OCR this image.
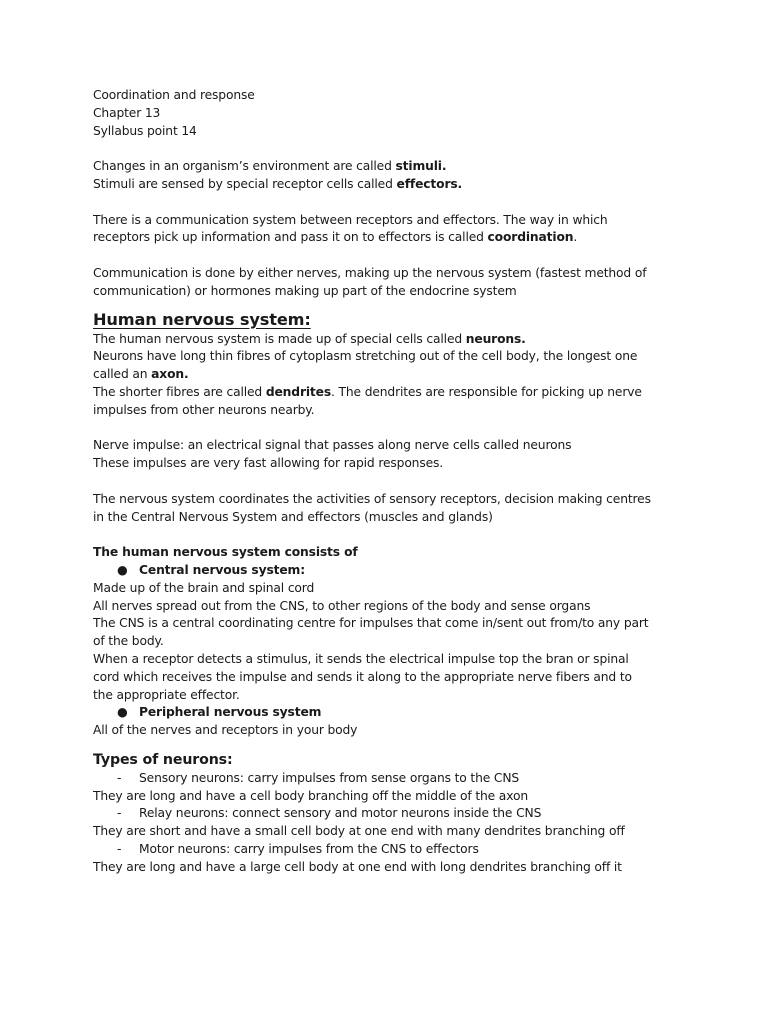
Coordination and response

Chapter 13

Syllabus point 14

Changes in an organism’s environment are called stimuli.

Stimuli are sensed by special receptor cells called effectors.

There is a communication system between receptors and effectors. The way in which

receptors pick up information and pass it on to effectors is called coordination.

Communication is done by either nerves, making up the nervous system (fastest method of

communication) or hormones making up part of the endocrine system

Human nervous system:

The human nervous system is made up of special cells called neurons.

Neurons have long thin fibres of cytoplasm stretching out of the cell body, the longest one

called an axon.

The shorter fibres are called dendrites. The dendrites are responsible for picking up nerve

impulses from other neurons nearby.

Nerve impulse: an electrical signal that passes along nerve cells called neurons

These impulses are very fast allowing for rapid responses.

The nervous system coordinates the activities of sensory receptors, decision making centres

in the Central Nervous System and effectors (muscles and glands)

The human nervous system consists of

● Central nervous system:

Made up of the brain and spinal cord

All nerves spread out from the CNS, to other regions of the body and sense organs

The CNS is a central coordinating centre for impulses that come in/sent out from/to any part

of the body.

When a receptor detects a stimulus, it sends the electrical impulse top the bran or spinal

cord which receives the impulse and sends it along to the appropriate nerve fibers and to

the appropriate effector.

● Peripheral nervous system

All of the nerves and receptors in your body

Types of neurons:

- Sensory neurons: carry impulses from sense organs to the CNS

They are long and have a cell body branching off the middle of the axon

- Relay neurons: connect sensory and motor neurons inside the CNS

They are short and have a small cell body at one end with many dendrites branching off

- Motor neurons: carry impulses from the CNS to effectors

They are long and have a large cell body at one end with long dendrites branching off it
